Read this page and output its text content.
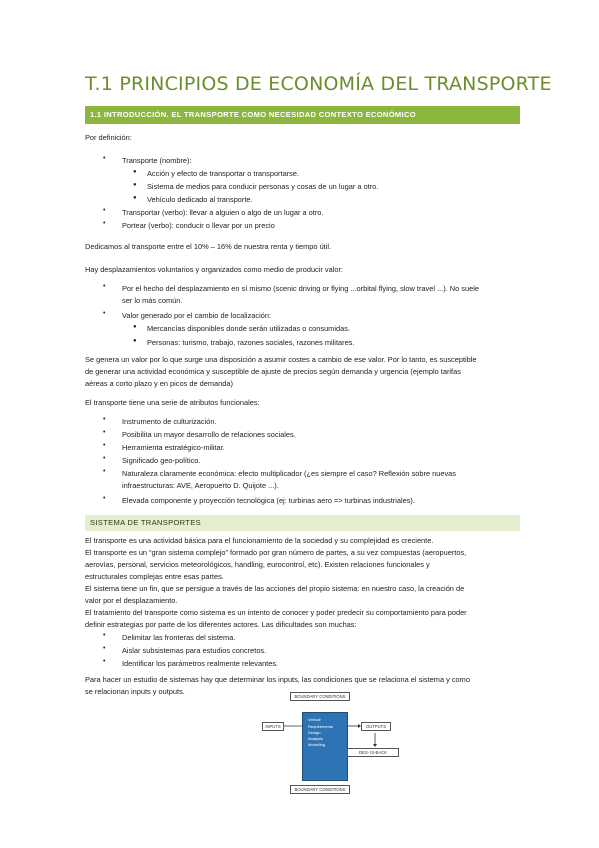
T.1 PRINCIPIOS DE ECONOMÍA DEL TRANSPORTE
1.1 INTRODUCCIÓN. EL TRANSPORTE COMO NECESIDAD CONTEXTO ECONÓMICO
Por definición:
• Transporte (nombre):
● Acción y efecto de transportar o transportarse.
● Sistema de medios para conducir personas y cosas de un lugar a otro.
● Vehículo dedicado al transporte.
• Transportar (verbo): llevar a alguien o algo de un lugar a otro.
• Portear (verbo): conducir o llevar por un precio
Dedicamos al transporte entre el 10% – 16% de nuestra renta y tiempo útil.
Hay desplazamientos voluntarios y organizados como medio de producir valor:
• Por el hecho del desplazamiento en sí mismo (scenic driving or flying ...orbital flying, slow travel ...). No suele
ser lo más común.
• Valor generado por el cambio de localización:
● Mercancías disponibles donde serán utilizadas o consumidas.
● Personas: turismo, trabajo, razones sociales, razones militares.
Se genera un valor por lo que surge una disposición a asumir costes a cambio de ese valor. Por lo tanto, es susceptible
de generar una actividad económica y susceptible de ajuste de precios según demanda y urgencia (ejemplo tarifas
aéreas a corto plazo y en picos de demanda)
El transporte tiene una serie de atributos funcionales:
• Instrumento de culturización.
• Posibilita un mayor desarrollo de relaciones sociales.
• Herramienta estratégico-militar.
• Significado geo-político.
• Naturaleza claramente económica: efecto multiplicador (¿es siempre el caso? Reflexión sobre nuevas
infraestructuras: AVE, Aeropuerto D. Quijote ...).
• Elevada componente y proyección tecnológica (ej: turbinas aero => turbinas industriales).
SISTEMA DE TRANSPORTES
El transporte es una actividad básica para el funcionamiento de la sociedad y su complejidad es creciente.
El transporte es un “gran sistema complejo” formado por gran número de partes, a su vez compuestas (aeropuertos,
aerovías, personal, servicios meteorológicos, handling, eurocontrol, etc). Existen relaciones funcionales y
estructurales complejas entre esas partes.
El sistema tiene un fin, que se persigue a través de las acciones del propio sistema: en nuestro caso, la creación de
valor por el desplazamiento.
El tratamiento del transporte como sistema es un intento de conocer y poder predecir su comportamiento para poder
definir estrategias por parte de los diferentes actores. Las dificultades son muchas:
• Delimitar las fronteras del sistema.
• Aislar subsistemas para estudios concretos.
• Identificar los parámetros realmente relevantes.
Para hacer un estudio de sistemas hay que determinar los inputs, las condiciones que se relaciona el sistema y como
se relacionan inputs y outputs.
BOUNDARY CONDITIONS
INPUTS
Vehicle
Requirements
Design
Analysis
Modelling
OUTPUTS
DES- IS-BACK
BOUNDARY CONDITIONS
